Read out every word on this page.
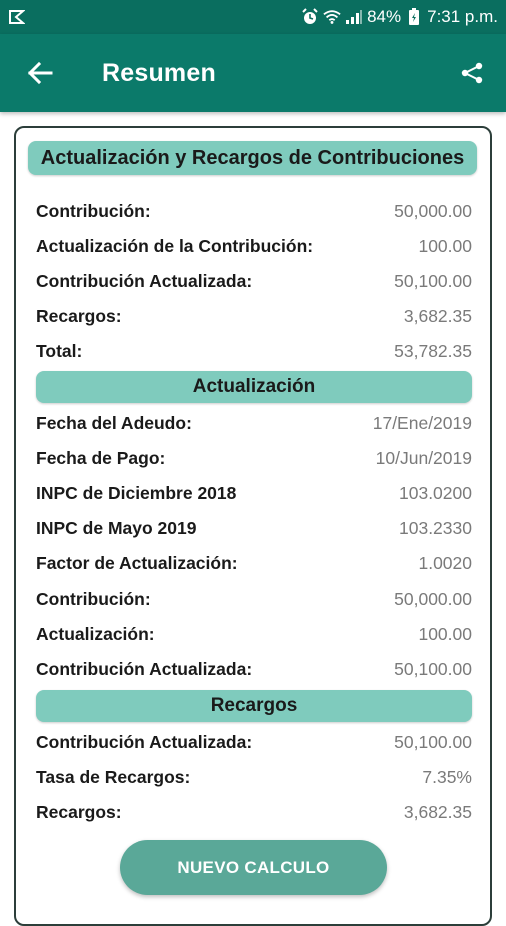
84% 7:31 p.m.
Resumen
Actualización y Recargos de Contribuciones
Contribución:	50,000.00
Actualización de la Contribución:	100.00
Contribución Actualizada:	50,100.00
Recargos:	3,682.35
Total:	53,782.35
Actualización
Fecha del Adeudo:	17/Ene/2019
Fecha de Pago:	10/Jun/2019
INPC de Diciembre 2018	103.0200
INPC de Mayo 2019	103.2330
Factor de Actualización:	1.0020
Contribución:	50,000.00
Actualización:	100.00
Contribución Actualizada:	50,100.00
Recargos
Contribución Actualizada:	50,100.00
Tasa de Recargos:	7.35%
Recargos:	3,682.35
NUEVO CALCULO
